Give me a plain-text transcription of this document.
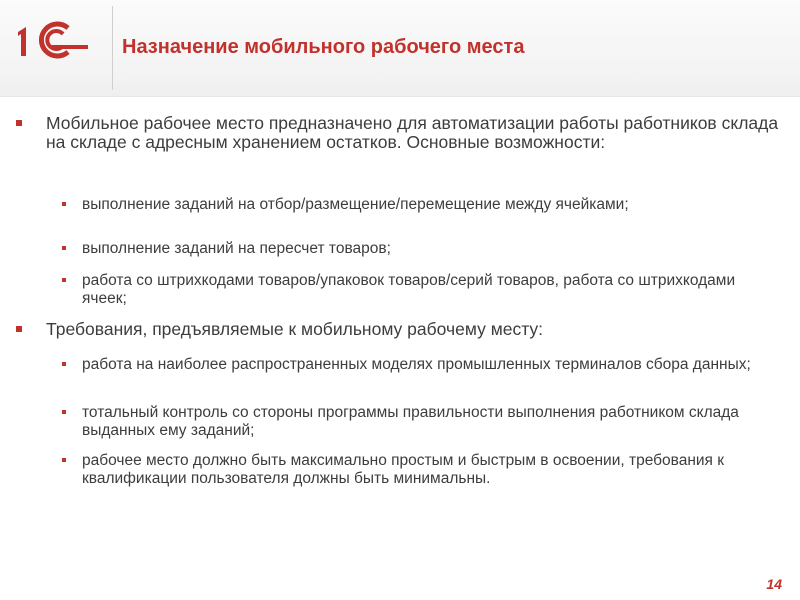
Назначение мобильного рабочего места
Мобильное рабочее место предназначено для автоматизации работы работников склада на складе с адресным хранением остатков. Основные возможности:
выполнение заданий на отбор/размещение/перемещение между ячейками;
выполнение заданий на пересчет товаров;
работа со штрихкодами товаров/упаковок товаров/серий товаров, работа со штрихкодами ячеек;
Требования, предъявляемые к мобильному рабочему месту:
работа на наиболее распространенных моделях промышленных терминалов сбора данных;
тотальный контроль со стороны программы правильности выполнения работником склада выданных ему заданий;
рабочее место должно быть максимально простым и быстрым в освоении, требования к квалификации пользователя должны быть минимальны.
14
